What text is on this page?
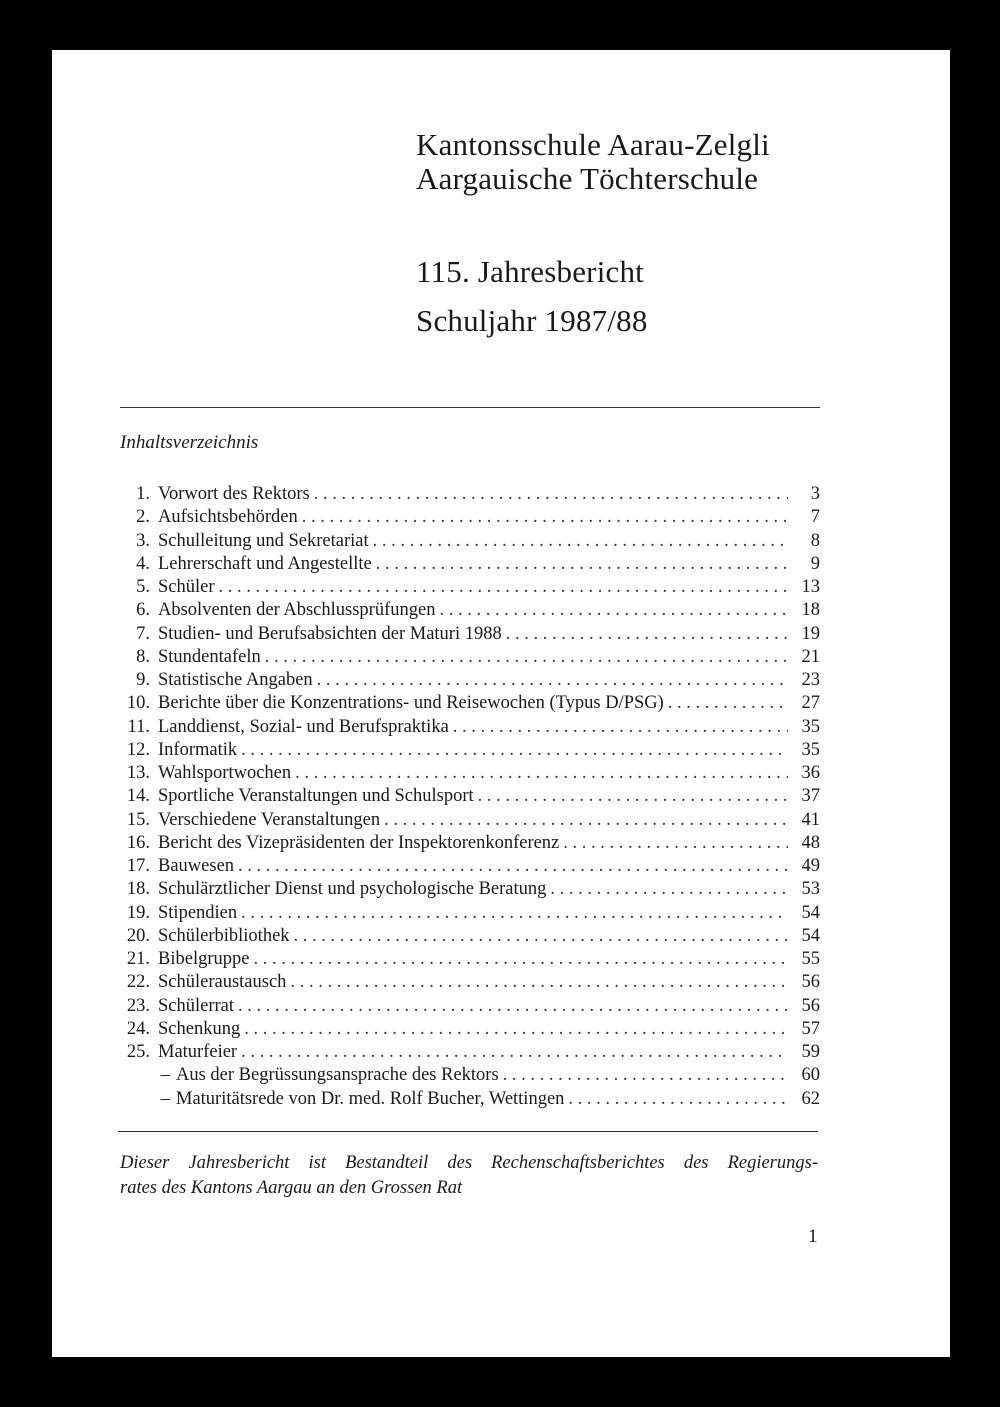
Kantonsschule Aarau-Zelgli
Aargauische Töchterschule
115. Jahresbericht
Schuljahr 1987/88
Inhaltsverzeichnis
1. Vorwort des Rektors . . .	3
2. Aufsichtsbehörden . . .	7
3. Schulleitung und Sekretariat . . .	8
4. Lehrerschaft und Angestellte . . .	9
5. Schüler . . .	13
6. Absolventen der Abschlussprüfungen . . .	18
7. Studien- und Berufsabsichten der Maturi 1988 . . .	19
8. Stundentafeln . . .	21
9. Statistische Angaben . . .	23
10. Berichte über die Konzentrations- und Reisewochen (Typus D/PSG) . . .	27
11. Landdienst, Sozial- und Berufspraktika . . .	35
12. Informatik . . .	35
13. Wahlsportwochen . . .	36
14. Sportliche Veranstaltungen und Schulsport . . .	37
15. Verschiedene Veranstaltungen . . .	41
16. Bericht des Vizepräsidenten der Inspektorenkonferenz . . .	48
17. Bauwesen . . .	49
18. Schulärztlicher Dienst und psychologische Beratung . . .	53
19. Stipendien . . .	54
20. Schülerbibliothek . . .	54
21. Bibelgruppe . . .	55
22. Schüleraustausch . . .	56
23. Schülerrat . . .	56
24. Schenkung . . .	57
25. Maturfeier . . .	59
– Aus der Begrüssungsansprache des Rektors . . .	60
– Maturitätsrede von Dr. med. Rolf Bucher, Wettingen . . .	62
Dieser Jahresbericht ist Bestandteil des Rechenschaftsberichtes des Regierungs-
rates des Kantons Aargau an den Grossen Rat
1
